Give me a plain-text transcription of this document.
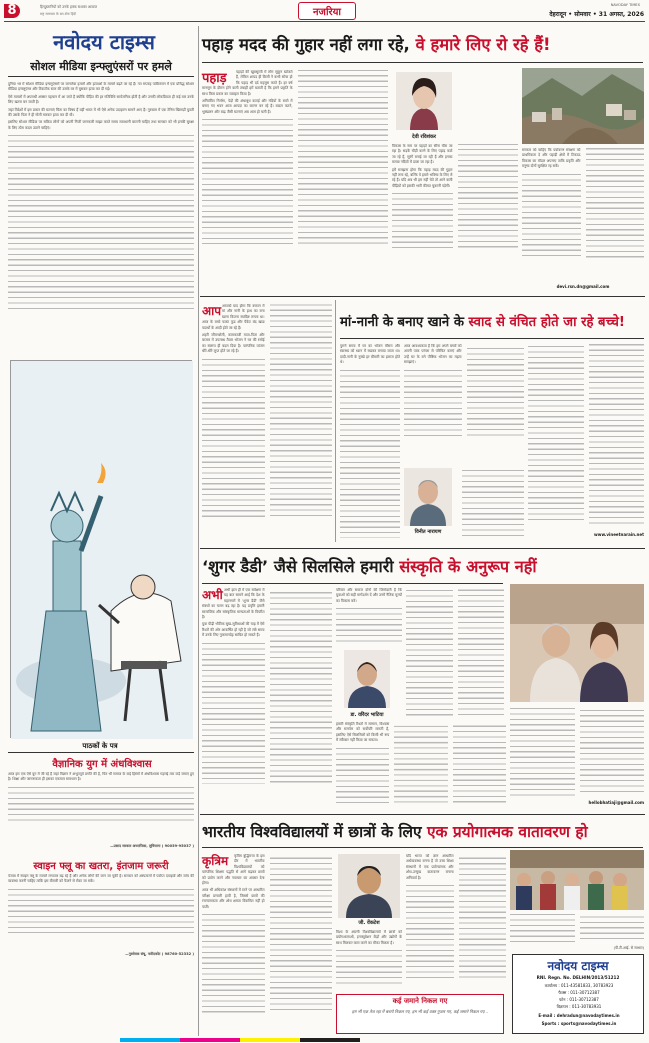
8	हिन्दुस्तानियों को उनके हक्‍क सशक्त आवाज
राष्ट्र समाचार के बन-रोक हिंदी	नजरिया
NAVODAY TIMES
देहरादून • सोमवार • 31 अगस्त, 2026
नवोदय टाइम्स
सोशल मीडिया इन्फ्लुएंसरों पर हमले

दुनिया भर में सोशल मीडिया इन्फ्लुएंसरों पर जानलेवा हमलों और हत्याओं के मामले बढ़ते जा रहे हैं। गत सप्ताह पाकिस्तान में एक प्रसिद्ध सोशल मीडिया इन्फ्लुएंसर और टिकटॉक स्टार की उसके घर में घुसकर हत्या कर दी गई।

ऐसे मामलों में अपराधी अक्सर पहचान में आ जाते हैं क्योंकि पीड़ित की हर गतिविधि सार्वजनिक होती है और उनकी लोकप्रियता ही कई बार उनके लिए खतरा बन जाती है।

जहां विदेशों में इस प्रकार की घटनाएं चिंता का विषय हैं वहीं भारत में भी ऐसे अनेक उदाहरण सामने आए हैं। गुरुग्राम में एक टेनिस खिलाड़ी युवती की उसके पिता ने ही गोली मारकर हत्या कर दी थी।

इसलिए सोशल मीडिया पर सक्रिय लोगों को अपनी निजी जानकारी साझा करते समय सावधानी बरतनी चाहिए तथा सरकार को भी इनकी सुरक्षा के लिए ठोस कदम उठाने चाहिएं।

पाठकों के पत्र
वैज्ञानिक युग में अंधविश्वास

आज हम एक ऐसे युग में जी रहे हैं जहां विज्ञान ने अभूतपूर्व प्रगति की है, फिर भी समाज के कई हिस्सों में अंधविश्वास गहराई तक जड़ें जमाए हुए है। शिक्षा और जागरूकता ही इसका एकमात्र समाधान है।

—प्रसाद सरकार अध्यापिका, लुधियाना ( 90059-95037 )
स्वाइन फ्लू का खतरा, इंतजाम जरूरी

पंजाब में स्वाइन फ्लू के मामले लगातार बढ़ रहे हैं और अनेक लोगों की जान जा चुकी है। सरकार को अस्पतालों में पर्याप्त दवाइयों और जांच की व्यवस्था करनी चाहिए ताकि इस बीमारी को फैलने से रोका जा सके।

—गुरसेवक संधू, फरीदकोट ( 98760-52332 )
पहाड़ मदद की गुहार नहीं लगा रहे, वे हमारे लिए रो रहे हैं!
पहाड़	पहाड़ों की खूबसूरती में लोग सुकून खोजते हैं, लेकिन शायद ही किसी ने कभी सोचा हो कि पहाड़ भी दर्द महसूस करते हैं। हर वर्ष मानसून के दौरान होने वाली तबाही हमें बताती है कि हमने प्रकृति के साथ किस प्रकार का व्यवहार किया है।

अनियंत्रित निर्माण, पेड़ों की अंधाधुंध कटाई और नदियों के रास्ते में बनाए गए भवन आज आपदा का कारण बन रहे हैं। बादल फटने, भूस्खलन और बाढ़ जैसी घटनाएं अब आम हो चली हैं।

देवी रविशंकर

विकास के नाम पर पहाड़ों का सीना चीरा जा रहा है। सड़कें चौड़ी करने के लिए पहाड़ काटे जा रहे हैं, सुरंगें बनाई जा रही हैं और इनका मलबा नदियों में डाला जा रहा है।

हमें समझना होगा कि पहाड़ मदद की गुहार नहीं लगा रहे, बल्कि वे हमारे भविष्य के लिए रो रहे हैं। यदि अब भी हम नहीं चेते तो आने वाली पीढ़ियों को इसकी भारी कीमत चुकानी पड़ेगी।

सरकार को चाहिए कि पर्यावरण संरक्षण को प्राथमिकता दे और पहाड़ी क्षेत्रों में टिकाऊ विकास का मॉडल अपनाए ताकि प्रकृति और मनुष्य दोनों सुरक्षित रह सकें।

devi.rsn.dn@gmail.com
आप आपको याद होगा कि बचपन में मां और नानी के हाथ का बना खाना कितना स्वादिष्ट लगता था। आज के बच्चे फास्ट फूड और पैकेट बंद खाद्य पदार्थों के आदी होते जा रहे हैं।

शहरी जीवनशैली, कामकाजी माता-पिता और बाजार में उपलब्ध तैयार भोजन ने घर की रसोई का स्वरूप ही बदल दिया है। पारंपरिक व्यंजन धीरे-धीरे लुप्त होते जा रहे हैं।

मां-नानी के बनाए खाने के स्वाद से वंचित होते जा रहे बच्चे!

पुराने समय में घर का भोजन मौसम और स्वास्थ्य को ध्यान में रखकर बनाया जाता था। दादी-नानी के नुस्खे हर बीमारी का इलाज होते थे।

विनीत नारायण

आज आवश्यकता है कि हम अपने बच्चों को अपनी पाक परंपरा से परिचित कराएं और उन्हें घर के बने पौष्टिक भोजन का महत्व समझाएं।

www.vineetnarain.net
‘शुगर डैडी’ जैसे सिलसिले हमारी संस्कृति के अनुरूप नहीं
अभी अभी हाल ही में एक सर्वेक्षण में यह बात सामने आई कि देश के महानगरों में ‘शुगर डैडी’ जैसे संबंधों का चलन बढ़ रहा है। यह प्रवृत्ति हमारी सामाजिक और सांस्कृतिक मान्यताओं के विपरीत है।

युवा पीढ़ी भौतिक सुख-सुविधाओं की चाह में ऐसे रिश्तों की ओर आकर्षित हो रही है जो लंबे समय में उनके लिए नुकसानदेह साबित हो सकते हैं।

डा. वरिंदर भाटिया

परिवार और समाज दोनों की जिम्मेदारी है कि युवाओं को सही मार्गदर्शन दें और उनमें नैतिक मूल्यों का विकास करें।

हमारी संस्कृति रिश्तों में सम्मान, विश्वास और समर्पण को सर्वोपरि मानती है, इसलिए ऐसे सिलसिलों को किसी भी रूप में स्वीकार नहीं किया जा सकता।

hellobhatiaji@gmail.com
भारतीय विश्वविद्यालयों में छात्रों के लिए एक प्रयोगात्मक वातावरण हो
कृत्रिम	कृत्रिम बुद्धिमत्ता के इस दौर में भारतीय विश्वविद्यालयों को पारंपरिक शिक्षण पद्धति से आगे बढ़कर छात्रों को प्रयोग करने और नवाचार का अवसर देना होगा।

आज भी अधिकांश संस्थानों में रटने पर आधारित परीक्षा प्रणाली हावी है, जिससे छात्रों की रचनात्मकता और शोध क्षमता विकसित नहीं हो पाती।

जी. वेंकटेश

विश्व के अग्रणी विश्वविद्यालयों में छात्रों को प्रयोगशालाओं, इनक्यूबेशन केंद्रों और उद्योगों के साथ मिलकर काम करने का मौका मिलता है।

कई जमाने निकल गए
हम भी एक तेज रहा में बनाये निकल गए, हम भी कई वक्त गुजार गए, कई जमाने निकल गए...

यदि भारत को ज्ञान आधारित अर्थव्यवस्था बनना है तो उच्च शिक्षा संस्थानों में एक प्रयोगात्मक और शोध-उन्मुख वातावरण बनाना अनिवार्य है।

(पी.टी.आई. से साभार)
नवोदय टाइम्स
RNI. Regn. No. DELHIN/2013/51212
कार्यालय : 011-43581833, 30783923
फैक्स : 011-30712387
फोन : 011-30712387
विज्ञापन : 011-30783931
E-mail : dehradun@navodaytimes.in
Sports : sports@navodaytimes.in
